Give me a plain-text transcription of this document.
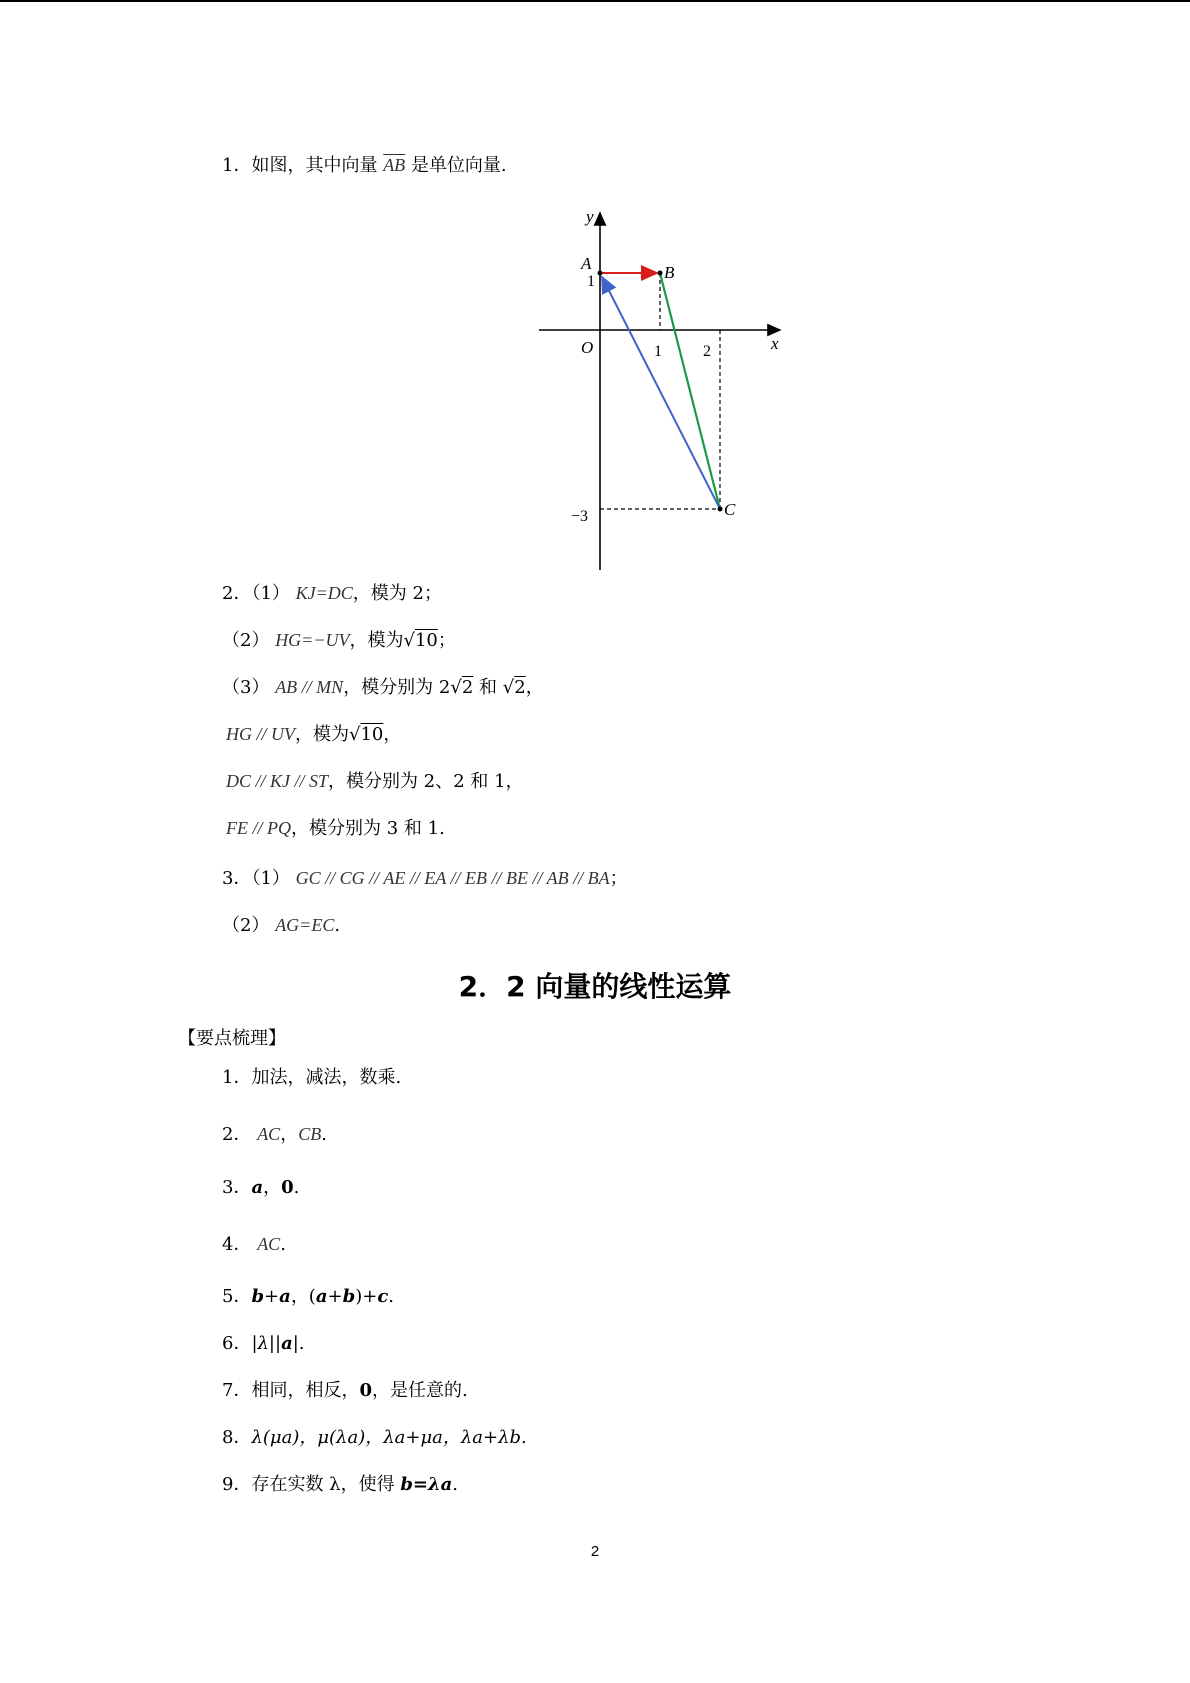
1．如图，其中向量 $\overline{AB}$ 是单位向量.
y
x
O
A	B
C
1
1	2
−3
2．（1） KJ=DC，模为 2；
（2） HG=−UV，模为√10；
（3） AB // MN，模分别为 2√2 和 √2，
HG // UV，模为√10，
DC // KJ // ST，模分别为 2、2 和 1，
FE // PQ，模分别为 3 和 1.
3．（1） GC // CG // AE // EA // EB // BE // AB // BA；
（2） AG=EC.
2．2 向量的线性运算
【要点梳理】
1．加法，减法，数乘.
2． AC，CB.
3．a，0.
4． AC.
5．b+a，(a+b)+c.
6．|λ||a|.
7．相同，相反，0，是任意的.
8．λ(μa)，μ(λa)，λa+μa，λa+λb.
9．存在实数 λ，使得 b=λa.
2
